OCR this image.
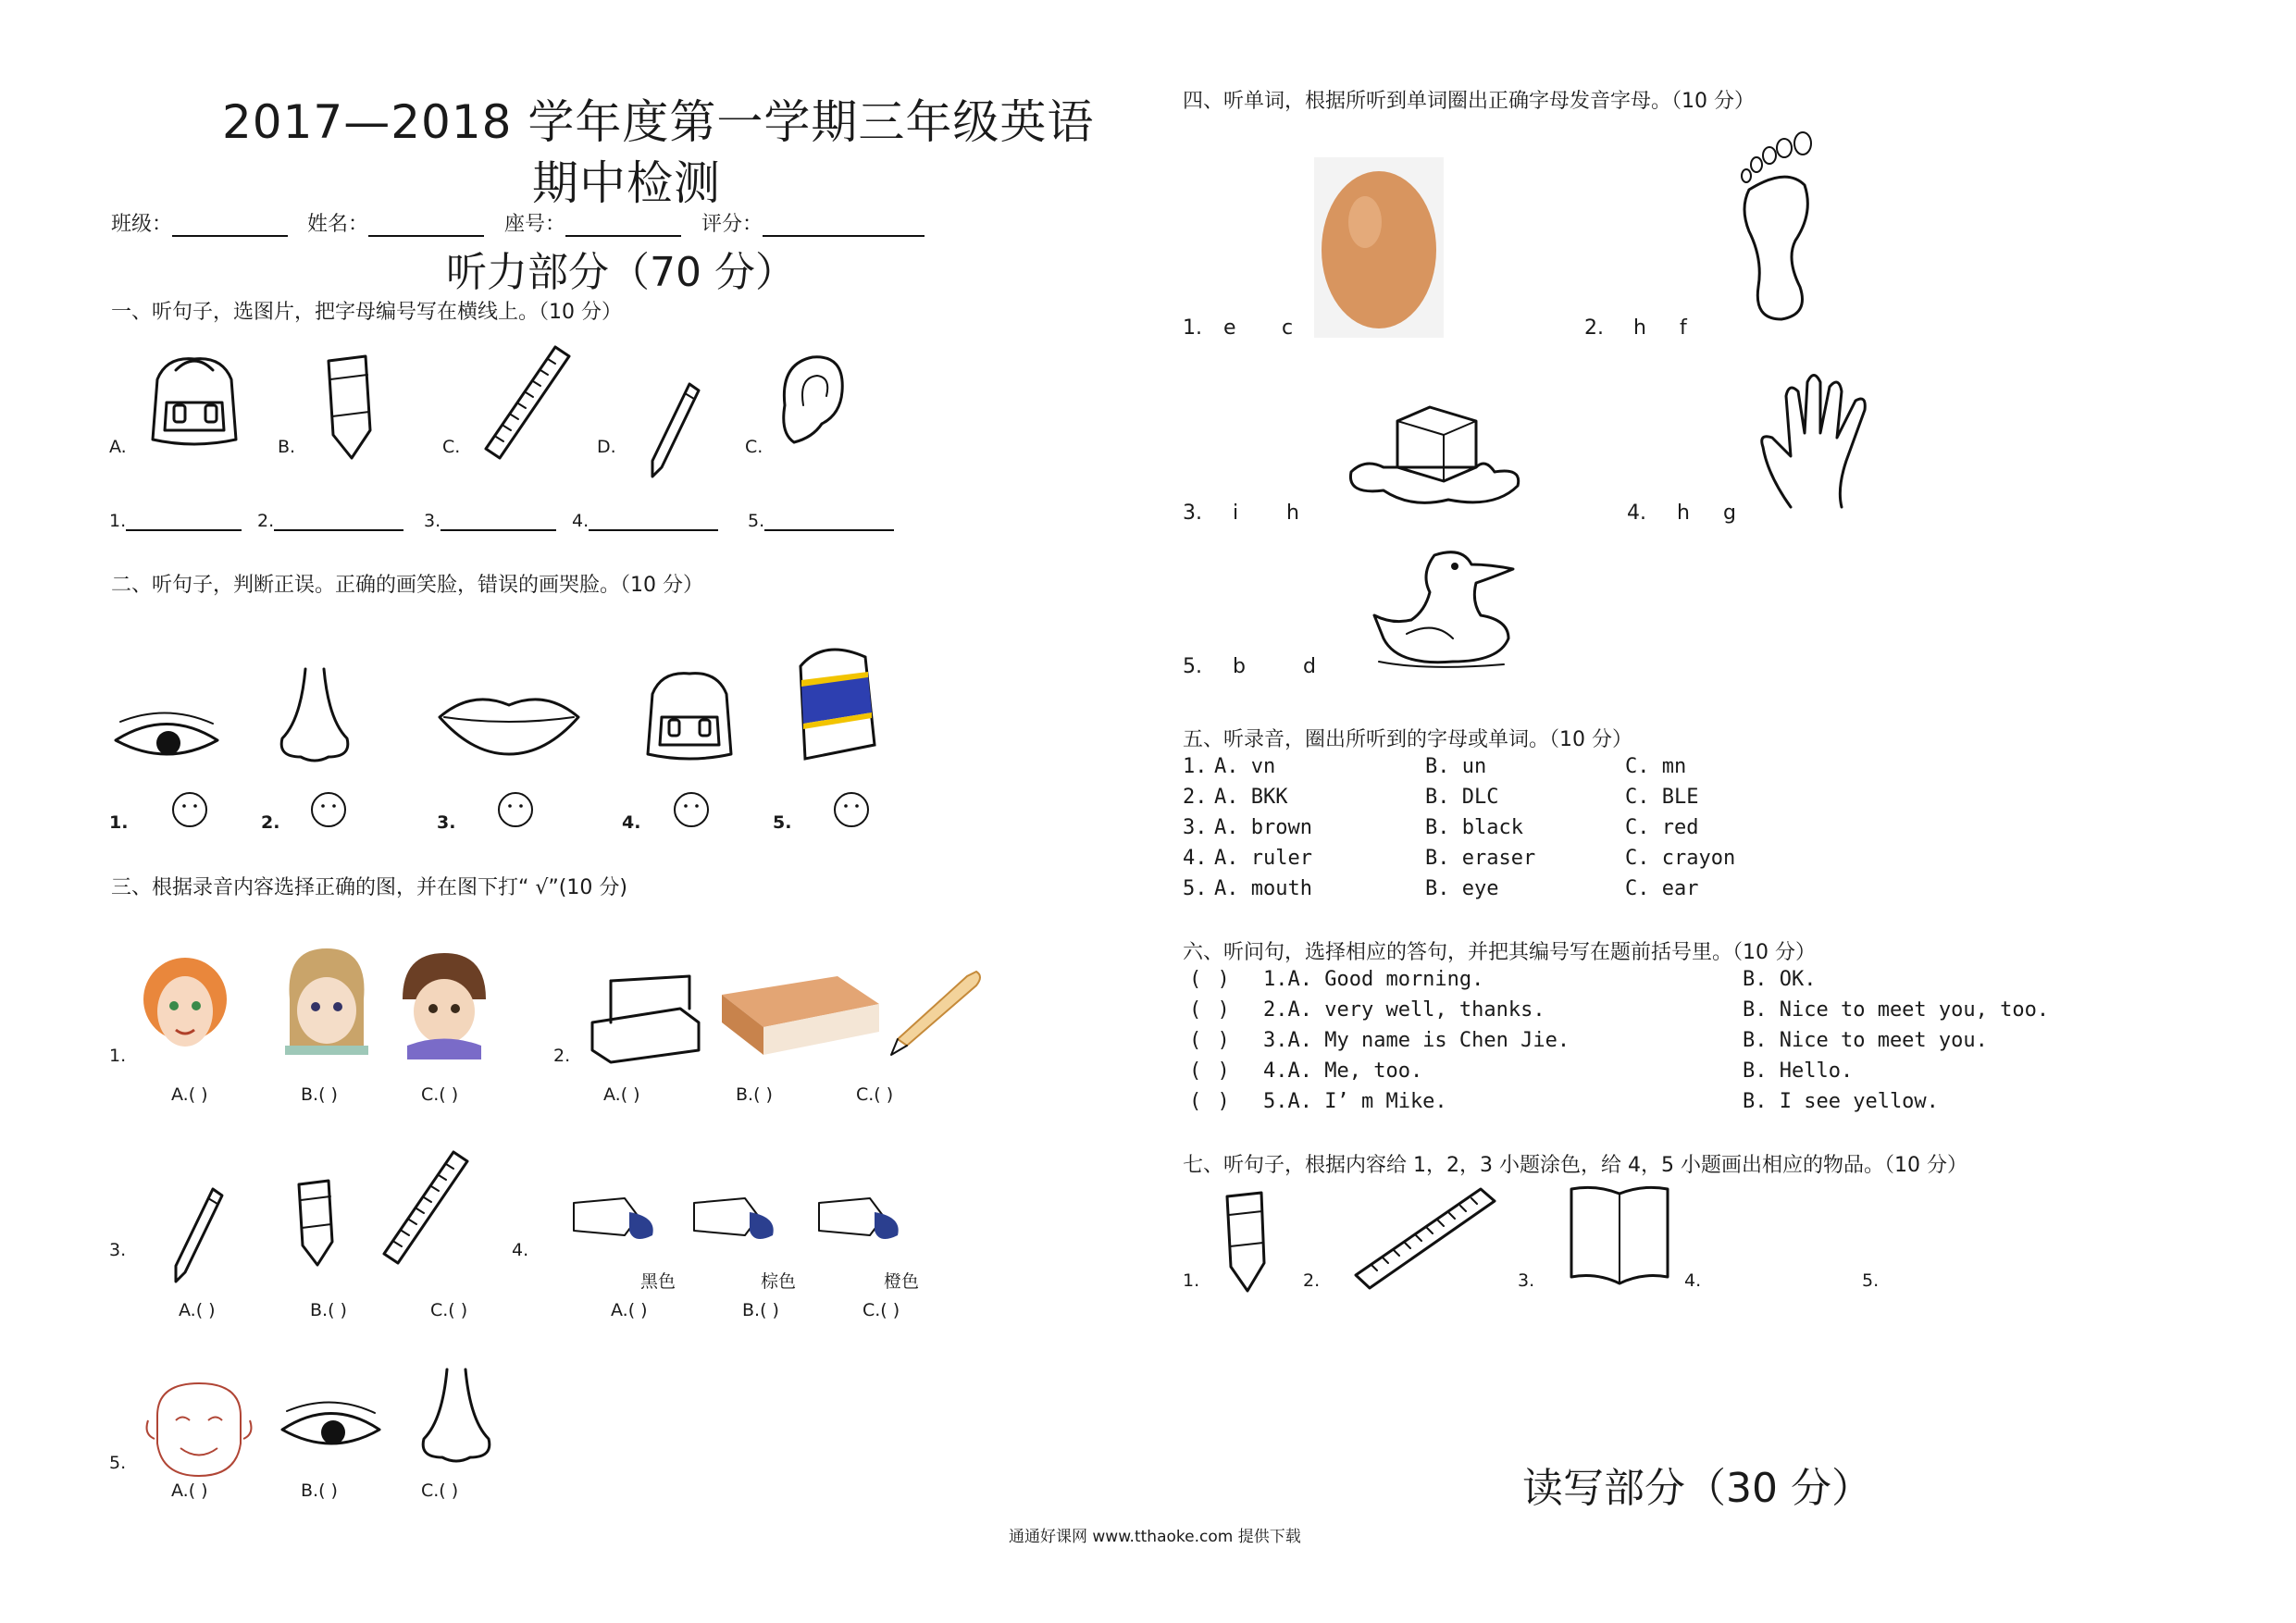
2017—2018 学年度第一学期三年级英语
期中检测
班级：	姓名：	座号：	评分：
听力部分（70 分）
一、听句子，选图片，把字母编号写在横线上。（10 分）
A.	B.	C.	D.	C.
1.	2.	3.	4.	5.
二、听句子，判断正误。正确的画笑脸，错误的画哭脸。（10 分）
1.	2.	3.	4.	5.
三、根据录音内容选择正确的图，并在图下打“ √”(10 分)
1.
A.( )	B.( )	C.( )
2.
A.( )	B.( )	C.( )
3.
A.( )	B.( )	C.( )
4.
黑色	棕色	橙色
A.( )	B.( )	C.( )
5.
A.( )	B.( )	C.( )
四、听单词，根据所听到单词圈出正确字母发音字母。（10 分）
1. e c	2. h f
3. i h	4. h g
5. b	d
五、听录音，圈出所听到的字母或单词。（10 分）
1. A. vn	B. un	C. mn
2. A. BKK	B. DLC	C. BLE
3. A. brown	B. black	C. red
4. A. ruler	B. eraser	C. crayon
5. A. mouth	B. eye	C. ear
六、听问句，选择相应的答句，并把其编号写在题前括号里。（10 分）
( ) 1.A. Good morning.	B. OK.
( ) 2.A. very well, thanks.	B. Nice to meet you, too.
( ) 3.A. My name is Chen Jie.	B. Nice to meet you.
( ) 4.A. Me, too.	B. Hello.
( ) 5.A. I’ m Mike.	B. I see yellow.
七、听句子，根据内容给 1，2，3 小题涂色，给 4，5 小题画出相应的物品。（10 分）
1.	2.	3.	4.	5.
读写部分（30 分）
通通好课网 www.tthaoke.com 提供下载
